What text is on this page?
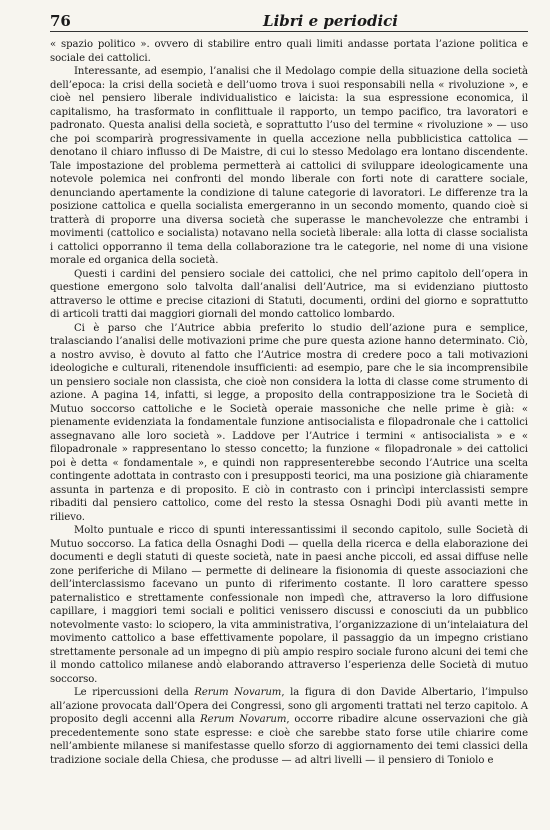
76	Libri e periodici

« spazio politico ». ovvero di stabilire entro quali limiti andasse portata l’azione politica e sociale dei cattolici.

Interessante, ad esempio, l’analisi che il Medolago compie della situazione della società dell’epoca: la crisi della società e dell’uomo trova i suoi responsabili nella « rivoluzione », e cioè nel pensiero liberale individualistico e laicista: la sua espressione economica, il capitalismo, ha trasformato in conflittuale il rapporto, un tempo pacifico, tra lavoratori e padronato. Questa analisi della società, e soprattutto l’uso del termine « rivoluzione » — uso che poi scomparirà progressivamente in quella accezione nella pubblicistica cattolica — denotano il chiaro influsso di De Maistre, di cui lo stesso Medolago era lontano discendente. Tale impostazione del problema permetterà ai cattolici di sviluppare ideologicamente una notevole polemica nei confronti del mondo liberale con forti note di carattere sociale, denunciando apertamente la condizione di talune categorie di lavoratori. Le differenze tra la posizione cattolica e quella socialista emergeranno in un secondo momento, quando cioè si tratterà di proporre una diversa società che superasse le manchevolezze che entrambi i movimenti (cattolico e socialista) notavano nella società liberale: alla lotta di classe socialista i cattolici opporranno il tema della collaborazione tra le categorie, nel nome di una visione morale ed organica della società.

Questi i cardini del pensiero sociale dei cattolici, che nel primo capitolo dell’opera in questione emergono solo talvolta dall’analisi dell’Autrice, ma si evidenziano piuttosto attraverso le ottime e precise citazioni di Statuti, documenti, ordini del giorno e soprattutto di articoli tratti dai maggiori giornali del mondo cattolico lombardo.

Ci è parso che l’Autrice abbia preferito lo studio dell’azione pura e semplice, tralasciando l’analisi delle motivazioni prime che pure questa azione hanno determinato. Ciò, a nostro avviso, è dovuto al fatto che l’Autrice mostra di credere poco a tali motivazioni ideologiche e culturali, ritenendole insufficienti: ad esempio, pare che le sia incomprensibile un pensiero sociale non classista, che cioè non considera la lotta di classe come strumento di azione. A pagina 14, infatti, si legge, a proposito della contrapposizione tra le Società di Mutuo soccorso cattoliche e le Società operaie massoniche che nelle prime è già: « pienamente evidenziata la fondamentale funzione antisocialista e filopadronale che i cattolici assegnavano alle loro società ». Laddove per l’Autrice i termini « antisocialista » e « filopadronale » rappresentano lo stesso concetto; la funzione « filopadronale » dei cattolici poi è detta « fondamentale », e quindi non rappresenterebbe secondo l’Autrice una scelta contingente adottata in contrasto con i presupposti teorici, ma una posizione già chiaramente assunta in partenza e di proposito. E ciò in contrasto con i princìpi interclassisti sempre ribaditi dal pensiero cattolico, come del resto la stessa Osnaghi Dodi più avanti mette in rilievo.

Molto puntuale e ricco di spunti interessantissimi il secondo capitolo, sulle Società di Mutuo soccorso. La fatica della Osnaghi Dodi — quella della ricerca e della elaborazione dei documenti e degli statuti di queste società, nate in paesi anche piccoli, ed assai diffuse nelle zone periferiche di Milano — permette di delineare la fisionomia di queste associazioni che dell’interclassismo facevano un punto di riferimento costante. Il loro carattere spesso paternalistico e strettamente confessionale non impedì che, attraverso la loro diffusione capillare, i maggiori temi sociali e politici venissero discussi e conosciuti da un pubblico notevolmente vasto: lo sciopero, la vita amministrativa, l’organizzazione di un’intelaiatura del movimento cattolico a base effettivamente popolare, il passaggio da un impegno cristiano strettamente personale ad un impegno di più ampio respiro sociale furono alcuni dei temi che il mondo cattolico milanese andò elaborando attraverso l’esperienza delle Società di mutuo soccorso.

Le ripercussioni della Rerum Novarum, la figura di don Davide Albertario, l’impulso all’azione provocata dall’Opera dei Congressi, sono gli argomenti trattati nel terzo capitolo. A proposito degli accenni alla Rerum Novarum, occorre ribadire alcune osservazioni che già precedentemente sono state espresse: e cioè che sarebbe stato forse utile chiarire come nell’ambiente milanese si manifestasse quello sforzo di aggiornamento dei temi classici della tradizione sociale della Chiesa, che produsse — ad altri livelli — il pensiero di Toniolo e
